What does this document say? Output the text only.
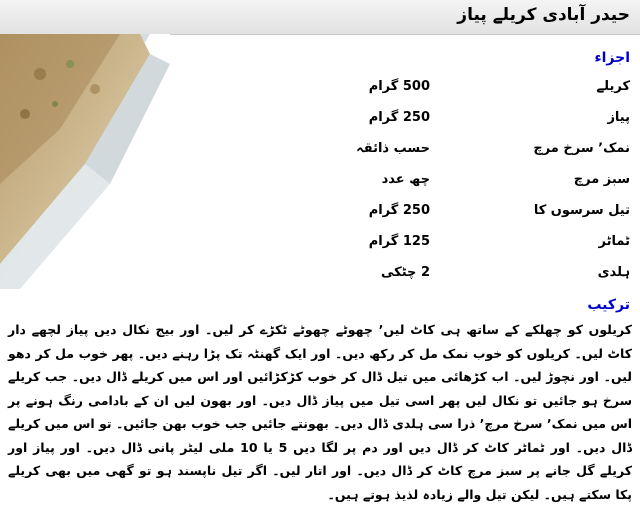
حیدر آبادی کریلے پیاز
اجزاء
کریلے
500 گرام
پیاز
250 گرام
نمک٬ سرخ مرچ
حسب ذائقہ
سبز مرچ
چھ عدد
تیل سرسوں کا
250 گرام
ٹماٹر
125 گرام
ہلدی
2 چٹکی
ترکیب

کریلوں کو چھلکے کے ساتھ ہی کاٹ لیں٬ چھوٹے چھوٹے ٹکڑے کر لیں۔ اور بیج نکال دیں پیاز لچھے دار کاٹ لیں۔ کریلوں کو خوب نمک مل کر رکھ دیں۔ اور ایک گھنٹہ تک پڑا رہنے دیں۔ پھر خوب مل کر دھو لیں۔ اور نچوڑ لیں۔ اب کڑھائی میں تیل ڈال کر خوب کڑکڑائیں اور اس میں کریلے ڈال دیں۔ جب کریلے سرخ ہو جائیں تو نکال لیں پھر اسی تیل میں پیاز ڈال دیں۔ اور بھون لیں ان کے بادامی رنگ ہونے پر اس میں نمک٬ سرخ مرچ٬ ذرا سی ہلدی ڈال دیں۔ بھونتے جائیں جب خوب بھن جائیں۔ تو اس میں کریلے ڈال دیں۔ اور ٹماٹر کاٹ کر ڈال دیں اور دم پر لگا دیں 5 یا 10 ملی لیٹر پانی ڈال دیں۔ اور پیاز اور کریلے گل جانے پر سبز مرچ کاٹ کر ڈال دیں۔ اور اتار لیں۔ اگر تیل ناپسند ہو تو گھی میں بھی کریلے پکا سکتے ہیں۔ لیکن تیل والے زیادہ لذیذ ہوتے ہیں۔
